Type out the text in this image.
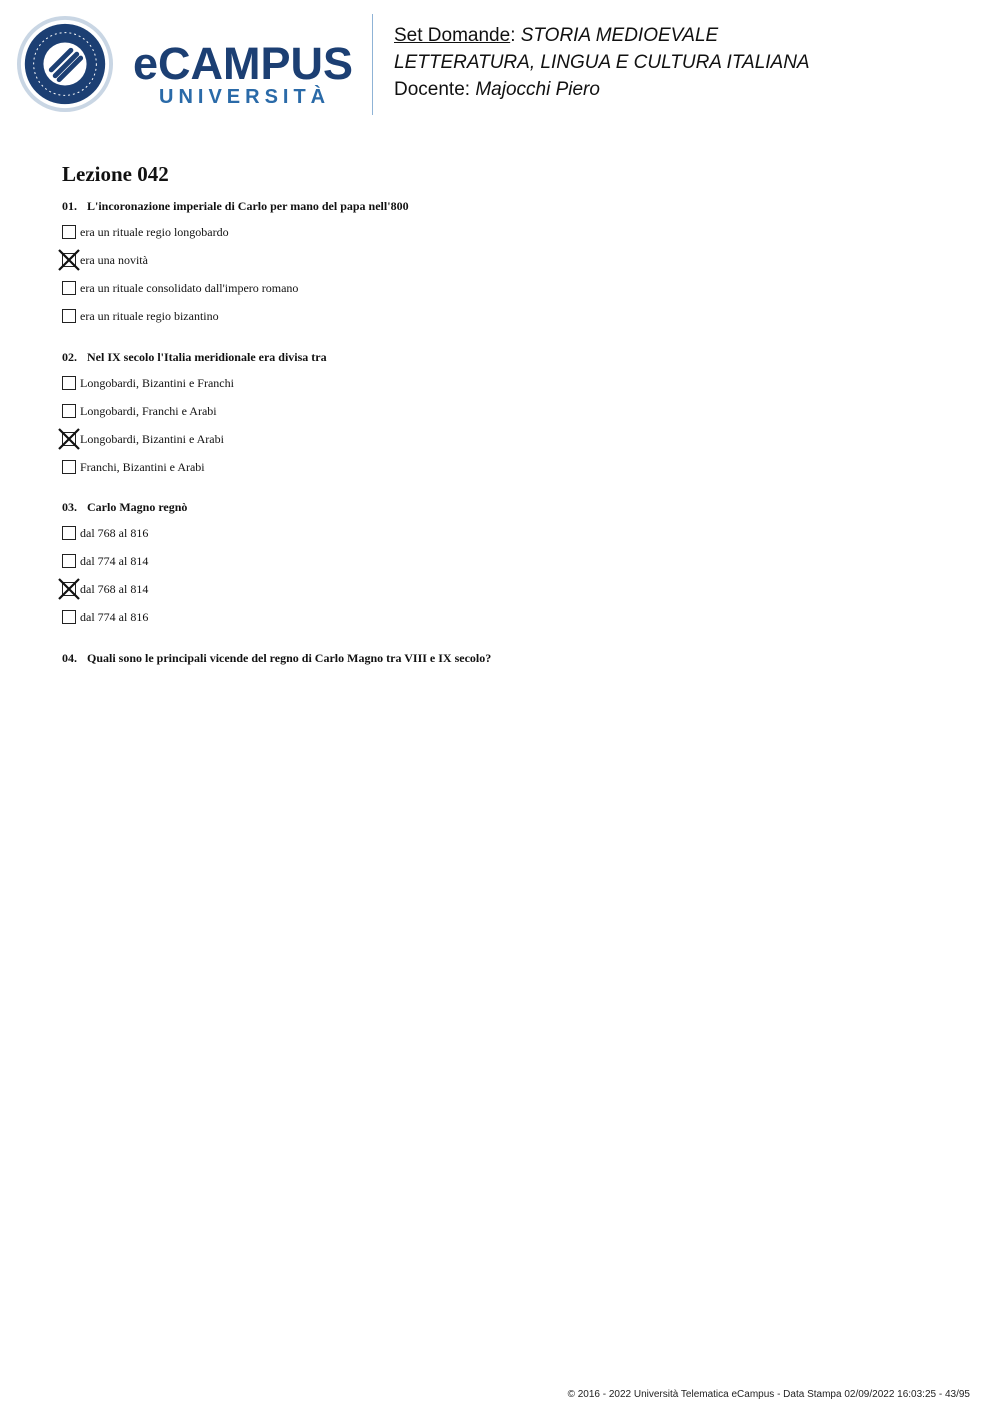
eCAMPUS
UNIVERSITÀ
Set Domande: STORIA MEDIOEVALE
LETTERATURA, LINGUA E CULTURA ITALIANA
Docente: Majocchi Piero
Lezione 042
01. L'incoronazione imperiale di Carlo per mano del papa nell'800
era un rituale regio longobardo
era una novità
era un rituale consolidato dall'impero romano
era un rituale regio bizantino
02. Nel IX secolo l'Italia meridionale era divisa tra
Longobardi, Bizantini e Franchi
Longobardi, Franchi e Arabi
Longobardi, Bizantini e Arabi
Franchi, Bizantini e Arabi
03. Carlo Magno regnò
dal 768 al 816
dal 774 al 814
dal 768 al 814
dal 774 al 816
04. Quali sono le principali vicende del regno di Carlo Magno tra VIII e IX secolo?
© 2016 - 2022 Università Telematica eCampus - Data Stampa 02/09/2022 16:03:25 - 43/95
